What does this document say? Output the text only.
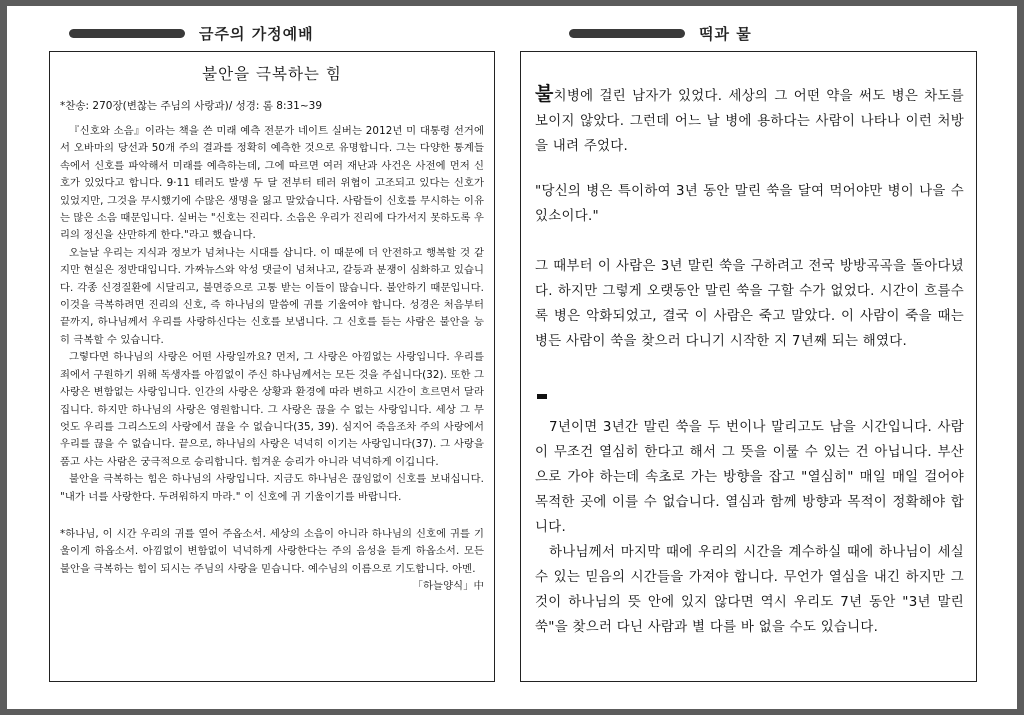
금주의 가정예배	떡과 물
불안을 극복하는 힘
*찬송: 270장(변찮는 주님의 사랑과)/ 성경: 롬 8:31~39

『신호와 소음』이라는 책을 쓴 미래 예측 전문가 네이트 실버는 2012년 미 대통령 선거에서 오바마의 당선과 50개 주의 결과를 정확히 예측한 것으로 유명합니다. 그는 다양한 통계들 속에서 신호를 파악해서 미래를 예측하는데, 그에 따르면 여러 재난과 사건은 사전에 먼저 신호가 있었다고 합니다. 9·11 테러도 발생 두 달 전부터 테러 위협이 고조되고 있다는 신호가 있었지만, 그것을 무시했기에 수많은 생명을 잃고 말았습니다. 사람들이 신호를 무시하는 이유는 많은 소음 때문입니다. 실버는 "신호는 진리다. 소음은 우리가 진리에 다가서지 못하도록 우리의 정신을 산만하게 한다."라고 했습니다.

오늘날 우리는 지식과 정보가 넘쳐나는 시대를 삽니다. 이 때문에 더 안전하고 행복할 것 같지만 현실은 정반대입니다. 가짜뉴스와 악성 댓글이 넘쳐나고, 갈등과 분쟁이 심화하고 있습니다. 각종 신경질환에 시달리고, 불면증으로 고통 받는 이들이 많습니다. 불안하기 때문입니다. 이것을 극복하려면 진리의 신호, 즉 하나님의 말씀에 귀를 기울여야 합니다. 성경은 처음부터 끝까지, 하나님께서 우리를 사랑하신다는 신호를 보냅니다. 그 신호를 듣는 사람은 불안을 능히 극복할 수 있습니다.

그렇다면 하나님의 사랑은 어떤 사랑일까요? 먼저, 그 사랑은 아낌없는 사랑입니다. 우리를 죄에서 구원하기 위해 독생자를 아낌없이 주신 하나님께서는 모든 것을 주십니다(32). 또한 그 사랑은 변함없는 사랑입니다. 인간의 사랑은 상황과 환경에 따라 변하고 시간이 흐르면서 달라집니다. 하지만 하나님의 사랑은 영원합니다. 그 사랑은 끊을 수 없는 사랑입니다. 세상 그 무엇도 우리를 그리스도의 사랑에서 끊을 수 없습니다(35, 39). 심지어 죽음조차 주의 사랑에서 우리를 끊을 수 없습니다. 끝으로, 하나님의 사랑은 넉넉히 이기는 사랑입니다(37). 그 사랑을 품고 사는 사람은 궁극적으로 승리합니다. 힘겨운 승리가 아니라 넉넉하게 이깁니다.

불안을 극복하는 힘은 하나님의 사랑입니다. 지금도 하나님은 끊임없이 신호를 보내십니다. "내가 너를 사랑한다. 두려워하지 마라." 이 신호에 귀 기울이기를 바랍니다.

*하나님, 이 시간 우리의 귀를 열어 주옵소서. 세상의 소음이 아니라 하나님의 신호에 귀를 기울이게 하옵소서. 아낌없이 변함없이 넉넉하게 사랑한다는 주의 음성을 듣게 하옵소서. 모든 불안을 극복하는 힘이 되시는 주님의 사랑을 믿습니다. 예수님의 이름으로 기도합니다. 아멘.
「하늘양식」中

불치병에 걸린 남자가 있었다. 세상의 그 어떤 약을 써도 병은 차도를 보이지 않았다. 그런데 어느 날 병에 용하다는 사람이 나타나 이런 처방을 내려 주었다.

"당신의 병은 특이하여 3년 동안 말린 쑥을 달여 먹어야만 병이 나을 수 있소이다."

그 때부터 이 사람은 3년 말린 쑥을 구하려고 전국 방방곡곡을 돌아다녔다. 하지만 그렇게 오랫동안 말린 쑥을 구할 수가 없었다. 시간이 흐를수록 병은 악화되었고, 결국 이 사람은 죽고 말았다. 이 사람이 죽을 때는 병든 사람이 쑥을 찾으러 다니기 시작한 지 7년째 되는 해였다.

7년이면 3년간 말린 쑥을 두 번이나 말리고도 남을 시간입니다. 사람이 무조건 열심히 한다고 해서 그 뜻을 이룰 수 있는 건 아닙니다. 부산으로 가야 하는데 속초로 가는 방향을 잡고 "열심히" 매일 매일 걸어야 목적한 곳에 이를 수 없습니다. 열심과 함께 방향과 목적이 정확해야 합니다.

하나님께서 마지막 때에 우리의 시간을 계수하실 때에 하나님이 세실 수 있는 믿음의 시간들을 가져야 합니다. 무언가 열심을 내긴 하지만 그것이 하나님의 뜻 안에 있지 않다면 역시 우리도 7년 동안 "3년 말린 쑥"을 찾으러 다닌 사람과 별 다를 바 없을 수도 있습니다.
